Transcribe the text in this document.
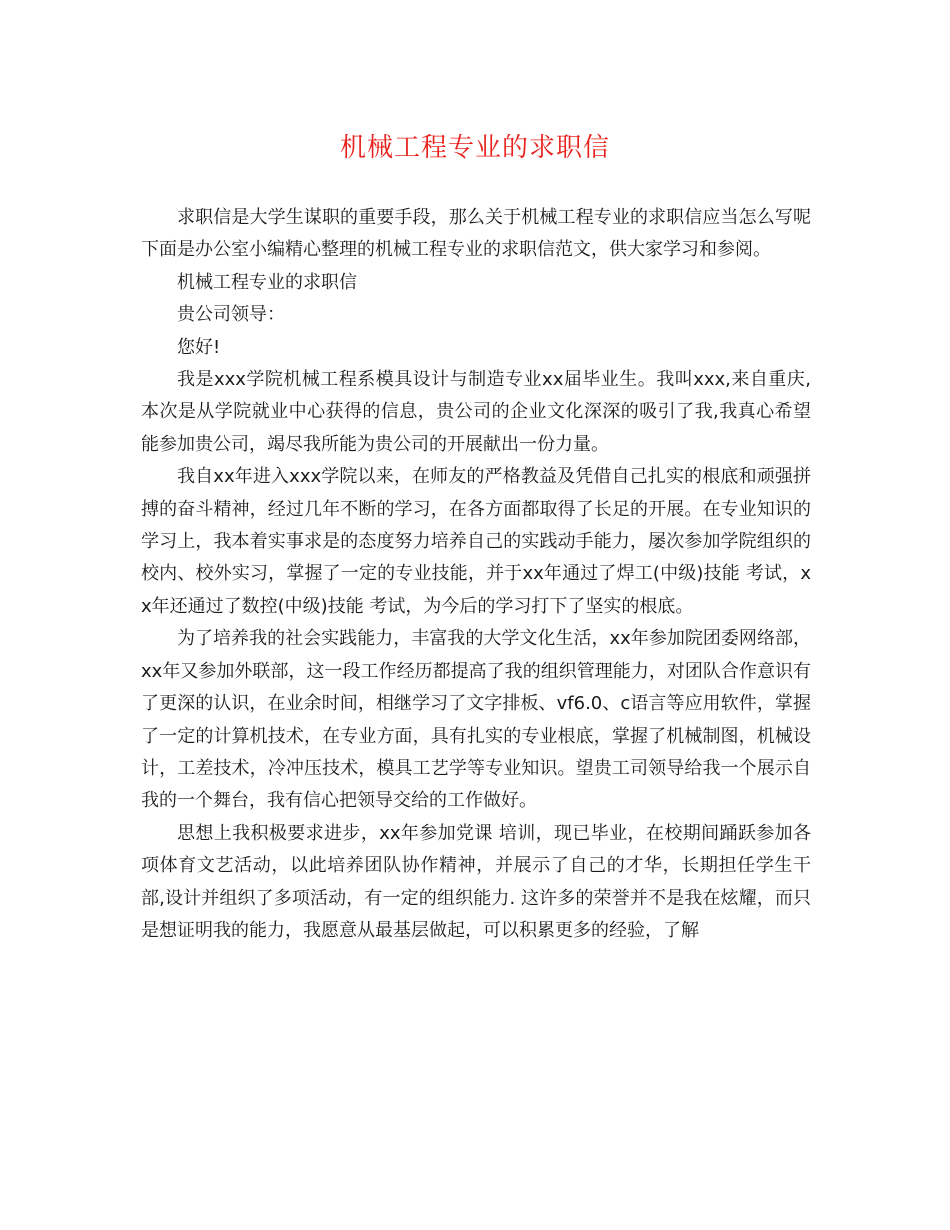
机械工程专业的求职信

求职信是大学生谋职的重要手段，那么关于机械工程专业的求职信应当怎么写呢下面是办公室小编精心整理的机械工程专业的求职信范文，供大家学习和参阅。

机械工程专业的求职信

贵公司领导：

您好!

我是xxx学院机械工程系模具设计与制造专业xx届毕业生。我叫xxx,来自重庆,本次是从学院就业中心获得的信息，贵公司的企业文化深深的吸引了我,我真心希望能参加贵公司，竭尽我所能为贵公司的开展献出一份力量。

我自xx年进入xxx学院以来，在师友的严格教益及凭借自己扎实的根底和顽强拼搏的奋斗精神，经过几年不断的学习，在各方面都取得了长足的开展。在专业知识的学习上，我本着实事求是的态度努力培养自己的实践动手能力，屡次参加学院组织的校内、校外实习，掌握了一定的专业技能，并于xx年通过了焊工(中级)技能 考试，xx年还通过了数控(中级)技能 考试，为今后的学习打下了坚实的根底。

为了培养我的社会实践能力，丰富我的大学文化生活，xx年参加院团委网络部， xx年又参加外联部，这一段工作经历都提高了我的组织管理能力，对团队合作意识有了更深的认识，在业余时间，相继学习了文字排板、vf6.0、c语言等应用软件，掌握了一定的计算机技术，在专业方面，具有扎实的专业根底，掌握了机械制图，机械设计，工差技术，冷冲压技术，模具工艺学等专业知识。望贵工司领导给我一个展示自我的一个舞台，我有信心把领导交给的工作做好。

思想上我积极要求进步，xx年参加党课 培训，现已毕业，在校期间踊跃参加各项体育文艺活动，以此培养团队协作精神，并展示了自己的才华，长期担任学生干部,设计并组织了多项活动，有一定的组织能力. 这许多的荣誉并不是我在炫耀，而只是想证明我的能力，我愿意从最基层做起，可以积累更多的经验，了解
